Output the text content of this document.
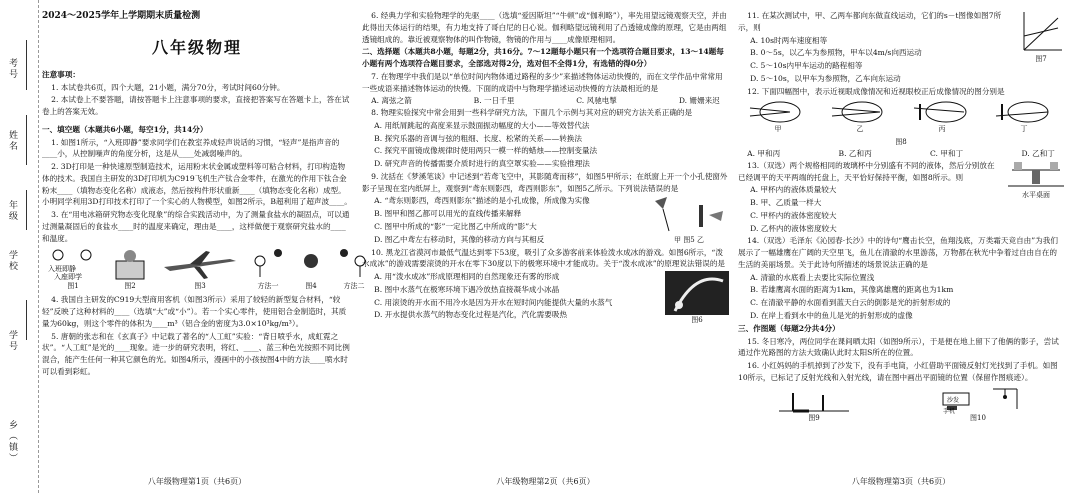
考号
姓名
学校
年级
学号
乡（镇）
2024～2025学年上学期期末质量检测
八年级物理

注意事项：

1. 本试卷共6页，四个大题，21小题，满分70分，考试时间60分钟。

2. 本试卷上不要答题，请按答题卡上注意事项的要求，直接把答案写在答题卡上，答在试卷上的答案无效。

一、填空题（本题共6小题，每空1分，共14分）

1. 如图1所示，“入班即静”要求同学们在教室养成轻声说话的习惯，“轻声”是指声音的____小，从控制噪声的角度分析，这是从____处减弱噪声的。

2. 3D打印是一种快速原型制造技术，运用粉末状金属或塑料等可粘合材料，打印构造物体的技术。我国自主研发的3D打印机为C919飞机生产钛合金零件，在激光的作用下钛合金粉末____（填物态变化名称）成液态，然后按构件形状重新____（填物态变化名称）成型。小明同学利用3D打印技术打印了一个实心的人物模型，如图2所示，B超利用了超声波____。

3. 在“用电冰箱研究物态变化现象”的综合实践活动中，为了测量食盐水的凝固点，可以通过测量凝固后的食盐水____时的温度来确定，理由是____，这样做便于观察研究盐水的____和温度。

入班即静
入座即学
图1	图2	图3	方法一	图4	方法二

4. 我国自主研发的C919大型商用客机（如图3所示）采用了较轻的新型复合材料，“较轻”反映了这种材料的____（选填“大”或“小”）。若一个实心零件，使用铝合金制造时，其质量为60kg，则这个零件的体积为____m³（铝合金的密度为3.0×10³kg/m³）。

5. 唐朝的张志和在《玄真子》中记载了著名的“人工虹”实验：“背日喷乎水，成虹霓之状”。“人工虹”是光的____现象。进一步的研究表明，将红、____、蓝三种色光按照不同比例混合，能产生任何一种其它颜色的光。如图4所示，漫画中的小孩按图4中的方法____喷水时可以看到彩虹。

八年级物理第1页（共6页）

6. 经典力学和实验物理学的先驱____（选填“爱因斯坦”“牛顿”或“伽利略”），率先用望远镜观察天空，并由此得出天体运行的结果，有力地支持了哥白尼的日心说。伽利略望远镜利用了凸透镜成像的原理，它是由两组透镜组成的。靠近被观察物体的叫作物镜，物镜的作用与____成像原理相同。

二、选择题（本题共8小题，每题2分，共16分。7～12题每小题只有一个选项符合题目要求，13～14题每小题有两个选项符合题目要求，全部选对得2分，选对但不全得1分，有选错的得0分）

7. 在物理学中我们是以“单位时间内物体通过路程的多少”来描述物体运动快慢的，而在文学作品中常常用一些成语来描述物体运动的快慢。下面的成语中与物理学描述运动快慢的方法最相近的是

A. 离弦之箭	B. 一日千里	C. 风驰电掣	D. 姗姗来迟

8. 物理实验探究中常会用到一些科学研究方法，下面几个示例与其对应的研究方法关系正确的是

A. 用纸屑跳起的高度来显示鼓面振动幅度的大小——等效替代法

B. 探究乐器的音调与弦的粗细、长度、松紧的关系——转换法

C. 探究平面镜成像规律时使用两只一模一样的蜡烛——控制变量法

D. 研究声音的传播需要介质时进行的真空罩实验——实验推理法

9. 沈括在《梦溪笔谈》中记述到“若鸢飞空中，其影随鸢而移”，如图5甲所示；在纸窗上开一个小孔使窗外影子呈现在室内纸屏上，观察到“鸢东则影西，鸢西则影东”，如图5乙所示。下列说法错误的是

甲 图5 乙

A. “鸢东则影西，鸢西则影东”描述的是小孔成像，所成像为实像

B. 图甲和图乙都可以用光的直线传播来解释

C. 图甲中所成的“影”一定比图乙中所成的“影”大

D. 图乙中鸢左右移动时，其像的移动方向与其相反

10. 黑龙江省漠河市最低气温达到零下53度，吸引了众多游客前来体验泼水成冰的游戏。如图6所示，“泼水成冰”的游戏需要滚烫的开水在零下30度以下的极寒环境中才能成功。关于“泼水成冰”的原理说法错误的是

图6

A. 用“泼水成冰”形成原理相同的自然现象还有雾的形成

B. 图中水蒸气在极寒环境下遇冷放热直接凝华成小冰晶

C. 用滚烫的开水而不用冷水是因为开水在短时间内能提供大量的水蒸气

D. 开水提供水蒸气的物态变化过程是汽化，汽化需要吸热

八年级物理第2页（共6页）
图7

11. 在某次测试中，甲、乙两车都向东做直线运动，它们的s－t图像如图7所示，则

A. 10s时两车速度相等

B. 0～5s，以乙车为参照物，甲车以4m/s向西运动

C. 5～10s内甲车运动的路程相等

D. 5～10s，以甲车为参照物，乙车向东运动

12. 下面四幅图中，表示近视眼成像情况和近视眼校正后成像情况的图分别是

甲	乙	丙	丁
图8
A. 甲和丙	B. 乙和丙	C. 甲和丁	D. 乙和丁
水平桌面

13.（双选）两个规格相同的玻璃杯中分别盛有不同的液体，然后分别放在已经调平的天平两端的托盘上，天平恰好保持平衡，如图8所示。则

A. 甲杯内的液体质量较大

B. 甲、乙质量一样大

C. 甲杯内的液体密度较大

D. 乙杯内的液体密度较大

14.（双选）毛泽东《沁园春·长沙》中的诗句“鹰击长空，鱼翔浅底，万类霜天竞自由”为我们展示了一幅雄鹰在广阔的天空里飞，鱼儿在清澈的水里游荡，万物都在秋光中争着过自由自在的生活的美丽场景。关于此诗句所描述的场景说法正确的是

A. 清澈的水底看上去要比实际位置浅

B. 若雄鹰离水面的距离为1km，其像离雄鹰的距离也为1km

C. 在清澈平静的水面看到蓝天白云的倒影是光的折射形成的

D. 在岸上看到水中的鱼儿是光的折射形成的虚像

三、作图题（每题2分共4分）

15. 冬日寒冷，两位同学在课间晒太阳（如图9所示），于是便在地上留下了他俩的影子，尝试通过作光路图的方法大致确认此时太阳S所在的位置。

16. 小红妈妈的手机掉到了沙发下，没有手电筒，小红借助平面镜反射灯光找到了手机。如图10所示，已标记了反射光线和入射光线，请在图中画出平面镜的位置（保留作图痕迹）。

图9
沙发
手机
图10
八年级物理第3页（共6页）
